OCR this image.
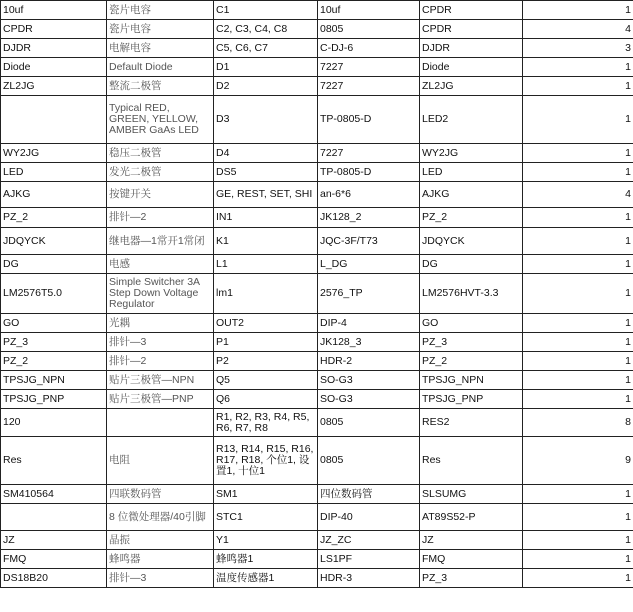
10uf	瓷片电容	C1	10uf	CPDR	1
CPDR	瓷片电容	C2, C3, C4, C8	0805	CPDR	4
DJDR	电解电容	C5, C6, C7	C-DJ-6	DJDR	3
Diode	Default Diode	D1	7227	Diode	1
ZL2JG	整流二极管	D2	7227	ZL2JG	1
	Typical RED, GREEN, YELLOW, AMBER GaAs LED	D3	TP-0805-D	LED2	1
WY2JG	稳压二极管	D4	7227	WY2JG	1
LED	发光二极管	DS5	TP-0805-D	LED	1
AJKG	按键开关	GE, REST, SET, SHI	an-6*6	AJKG	4
PZ_2	排针—2	IN1	JK128_2	PZ_2	1
JDQYCK	继电器—1常开1常闭	K1	JQC-3F/T73	JDQYCK	1
DG	电感	L1	L_DG	DG	1
LM2576T5.0	Simple Switcher 3A Step Down Voltage Regulator	lm1	2576_TP	LM2576HVT-3.3	1
GO	光耦	OUT2	DIP-4	GO	1
PZ_3	排针—3	P1	JK128_3	PZ_3	1
PZ_2	排针—2	P2	HDR-2	PZ_2	1
TPSJG_NPN	贴片三极管—NPN	Q5	SO-G3	TPSJG_NPN	1
TPSJG_PNP	贴片三极管—PNP	Q6	SO-G3	TPSJG_PNP	1
120		R1, R2, R3, R4, R5, R6, R7, R8	0805	RES2	8
Res	电阻	R13, R14, R15, R16, R17, R18, 个位1, 设置1, 十位1	0805	Res	9
SM410564	四联数码管	SM1	四位数码管	SLSUMG	1
	8 位微处理器/40引脚	STC1	DIP-40	AT89S52-P	1
JZ	晶振	Y1	JZ_ZC	JZ	1
FMQ	蜂鸣器	蜂鸣器1	LS1PF	FMQ	1
DS18B20	排针—3	温度传感器1	HDR-3	PZ_3	1
